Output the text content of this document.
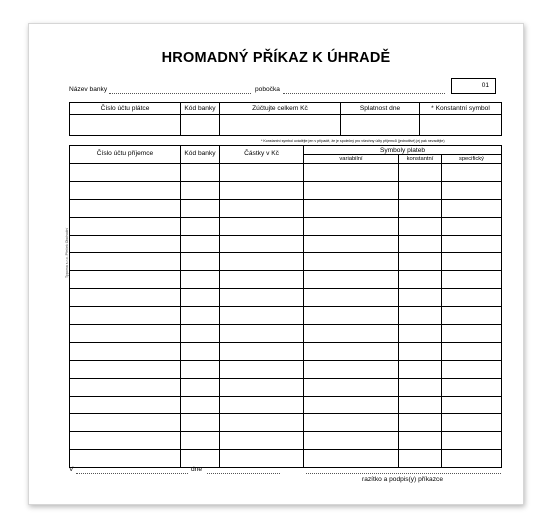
HROMADNÝ PŘÍKAZ K ÚHRADĚ
Název banky	pobočka
01
Číslo účtu plátce	Kód banky	Zúčtujte celkem Kč	Splatnost dne	* Konstantní symbol

* Konstantní symbol uvádějte jen v případě, že je společný pro všechny účty příjemců (jednotlivé) jej pak nevadějte)
Číslo účtu příjemce	Kód banky	Částky v Kč	Symboly plateb		
			variabilní	konstantní	specifický

Typoma s.r.o. Přeček Obchodní
V	dne
razítko a podpis(y) příkazce
